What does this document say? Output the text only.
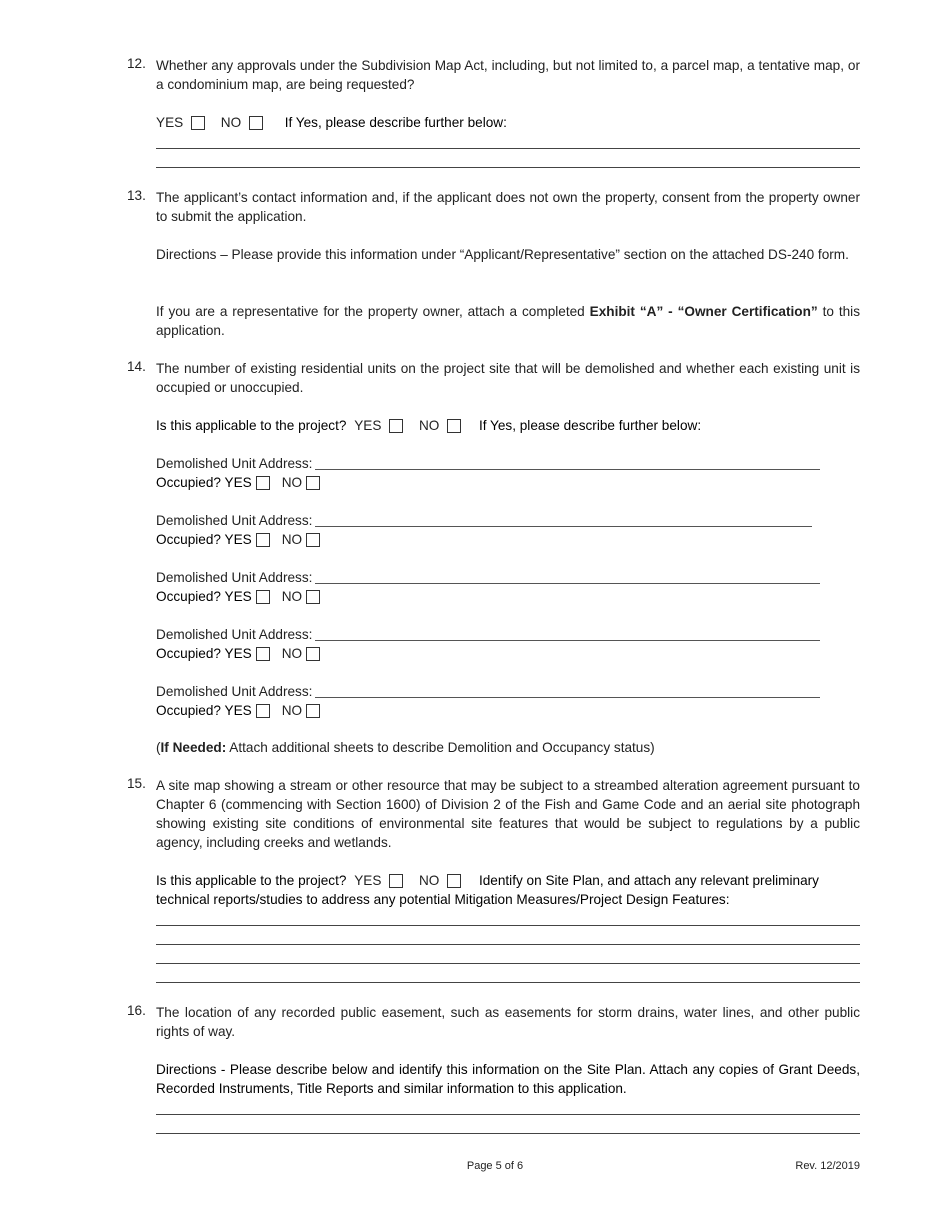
12. Whether any approvals under the Subdivision Map Act, including, but not limited to, a parcel map, a tentative map, or a condominium map, are being requested?
YES	NO	If Yes, please describe further below:
13. The applicant’s contact information and, if the applicant does not own the property, consent from the property owner to submit the application.
Directions – Please provide this information under “Applicant/Representative” section on the attached DS-240 form.
If you are a representative for the property owner, attach a completed Exhibit “A” - “Owner Certification” to this application.
14. The number of existing residential units on the project site that will be demolished and whether each existing unit is occupied or unoccupied.
Is this applicable to the project? YES	NO	If Yes, please describe further below:
Demolished Unit Address:
Occupied? YES NO
Demolished Unit Address:
Occupied? YES NO
Demolished Unit Address:
Occupied? YES NO
Demolished Unit Address:
Occupied? YES NO
Demolished Unit Address:
Occupied? YES NO
(If Needed: Attach additional sheets to describe Demolition and Occupancy status)
15. A site map showing a stream or other resource that may be subject to a streambed alteration agreement pursuant to Chapter 6 (commencing with Section 1600) of Division 2 of the Fish and Game Code and an aerial site photograph showing existing site conditions of environmental site features that would be subject to regulations by a public agency, including creeks and wetlands.
Is this applicable to the project? YES	NO	Identify on Site Plan, and attach any relevant preliminary
technical reports/studies to address any potential Mitigation Measures/Project Design Features:
16. The location of any recorded public easement, such as easements for storm drains, water lines, and other public rights of way.
Directions - Please describe below and identify this information on the Site Plan. Attach any copies of Grant Deeds, Recorded Instruments, Title Reports and similar information to this application.
Page 5 of 6	Rev. 12/2019
